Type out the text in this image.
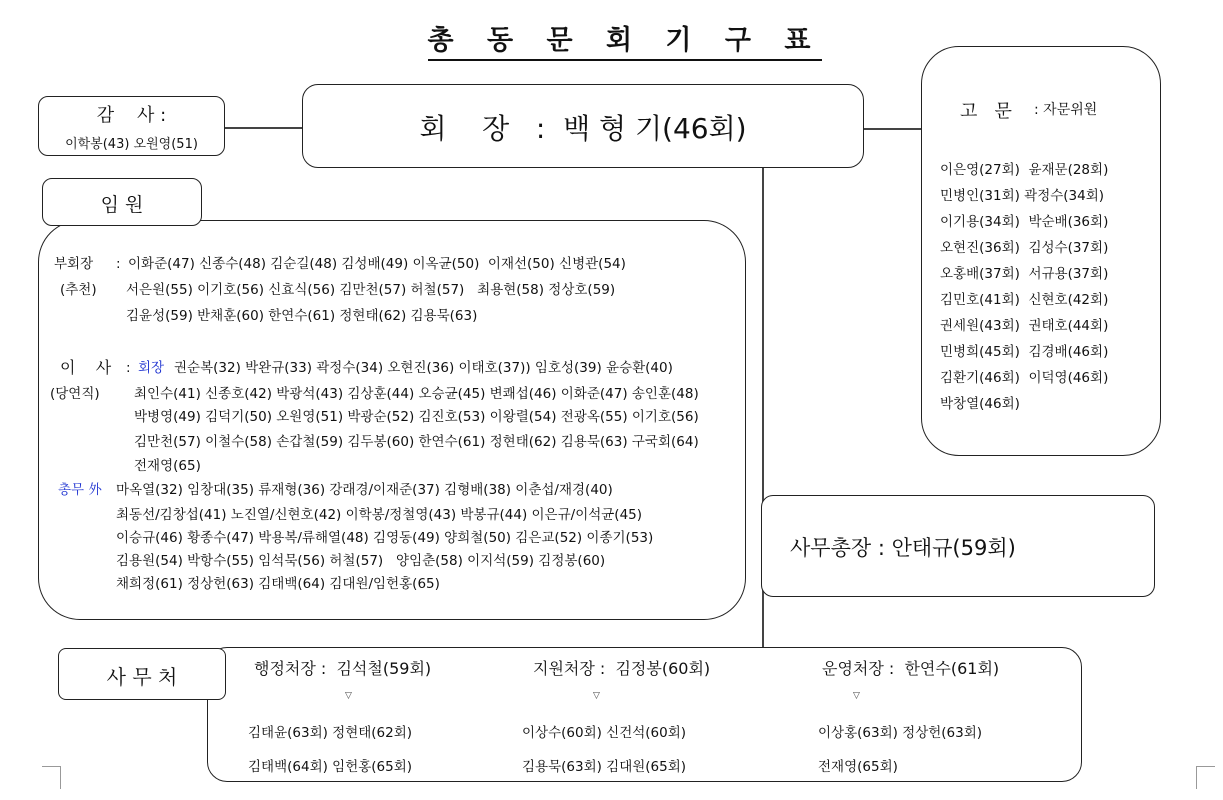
총 동 문 회 기 구 표
회    장   :  백 형 기(46회)
감    사 :
이학봉(43) 오원영(51)
임 원
부회장 :
(추천)
이화준(47) 신종수(48) 김순길(48) 김성배(49) 이옥균(50)  이재선(50) 신병관(54)
서은원(55) 이기호(56) 신효식(56) 김만천(57) 허철(57)   최용현(58) 정상호(59)
김윤성(59) 반채훈(60) 한연수(61) 정현태(62) 김용묵(63)
이    사 : 회장
(당연직)
권순복(32) 박완규(33) 곽정수(34) 오현진(36) 이태호(37)) 임호성(39) 윤승환(40)
최인수(41) 신종호(42) 박광석(43) 김상훈(44) 오승균(45) 변쾌섭(46) 이화준(47) 송인훈(48)
박병영(49) 김덕기(50) 오원영(51) 박광순(52) 김진호(53) 이왕렬(54) 전광옥(55) 이기호(56)
김만천(57) 이철수(58) 손갑철(59) 김두봉(60) 한연수(61) 정현태(62) 김용묵(63) 구국회(64)
전재영(65)
총무 外 마옥열(32) 임창대(35) 류재형(36) 강래경/이재준(37) 김형배(38) 이춘섭/재경(40)
최동선/김창섭(41) 노진열/신현호(42) 이학봉/정철영(43) 박봉규(44) 이은규/이석균(45)
이승규(46) 황종수(47) 박용복/류해열(48) 김영동(49) 양희철(50) 김은교(52) 이종기(53)
김용원(54) 박항수(55) 임석묵(56) 허철(57)   양임춘(58) 이지석(59) 김정봉(60)
채희정(61) 정상헌(63) 김태백(64) 김대원/임헌홍(65)
고   문 : 자문위원
이은영(27회)  윤재문(28회)
민병인(31회) 곽정수(34회)
이기용(34회)  박순배(36회)
오현진(36회)  김성수(37회)
오홍배(37회)  서규용(37회)
김민호(41회)  신현호(42회)
권세원(43회)  권태호(44회)
민병희(45회)  김경배(46회)
김환기(46회)  이덕영(46회)
박창열(46회)
사무총장 : 안태규(59회)
사 무 처	행정처장 :  김석철(59회)
▽
김태윤(63회) 정현태(62회)
김태백(64회) 임헌홍(65회)
지원처장 :  김정봉(60회)
▽
이상수(60회) 신건석(60회)
김용묵(63회) 김대원(65회)
운영처장 :  한연수(61회)
▽
이상홍(63회) 정상헌(63회)
전재영(65회)
